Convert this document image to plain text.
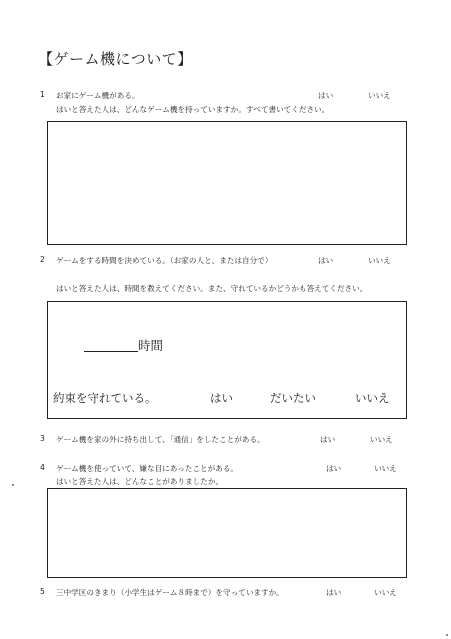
【ゲーム機について】
1 お家にゲーム機がある。	はい	いいえ
はいと答えた人は、どんなゲーム機を持っていますか。すべて書いてください。
2 ゲームをする時間を決めている。（お家の人と、または自分で）	はい	いいえ
はいと答えた人は、時間を教えてください。また、守れているかどうかも答えてください。
時間
約束を守れている。	はい	だいたい	いいえ
3 ゲーム機を家の外に持ち出して、「通信」をしたことがある。	はい	いいえ
4 ゲーム機を使っていて、嫌な目にあったことがある。	はい	いいえ
はいと答えた人は、どんなことがありましたか。
5 三中学区のきまり（小学生はゲーム８時まで）を守っていますか。	はい	いいえ
